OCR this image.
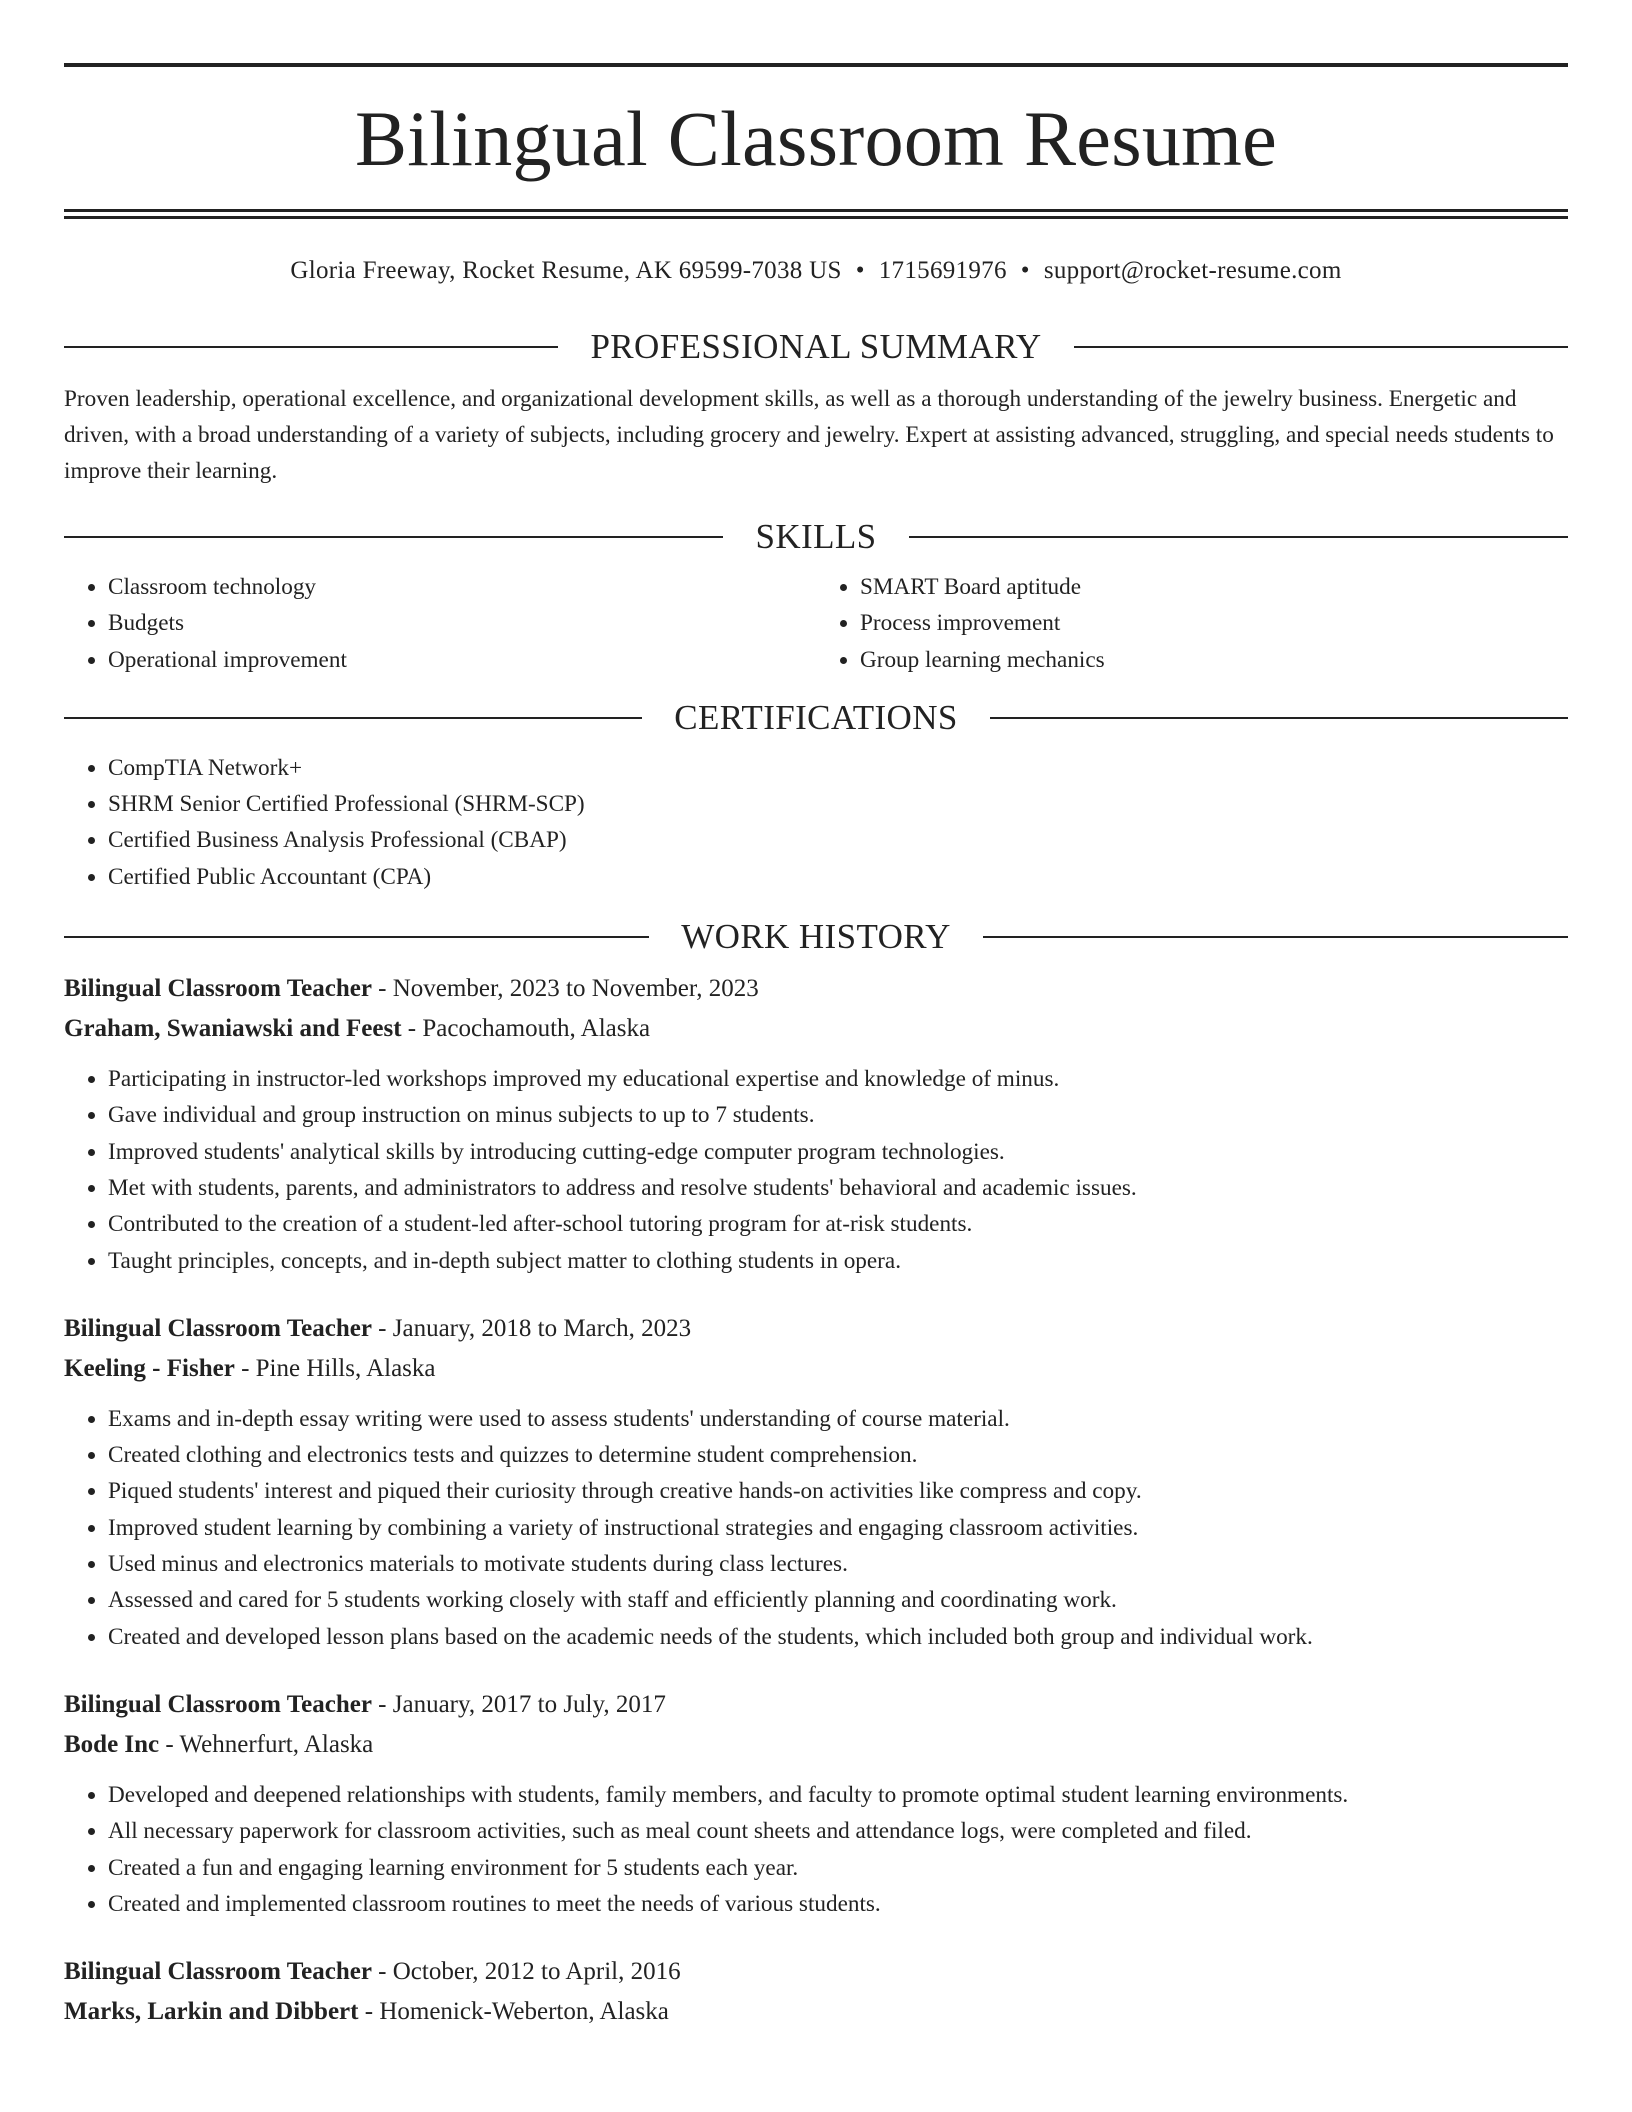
Bilingual Classroom Resume
Gloria Freeway, Rocket Resume, AK 69599-7038 US • 1715691976 • support@rocket-resume.com
PROFESSIONAL SUMMARY

Proven leadership, operational excellence, and organizational development skills, as well as a thorough understanding of the jewelry business. Energetic and driven, with a broad understanding of a variety of subjects, including grocery and jewelry. Expert at assisting advanced, struggling, and special needs students to improve their learning.

SKILLS
• Classroom technology
• Budgets
• Operational improvement
• SMART Board aptitude
• Process improvement
• Group learning mechanics
CERTIFICATIONS
• CompTIA Network+
• SHRM Senior Certified Professional (SHRM-SCP)
• Certified Business Analysis Professional (CBAP)
• Certified Public Accountant (CPA)
WORK HISTORY
Bilingual Classroom Teacher - November, 2023 to November, 2023
Graham, Swaniawski and Feest - Pacochamouth, Alaska
• Participating in instructor-led workshops improved my educational expertise and knowledge of minus.
• Gave individual and group instruction on minus subjects to up to 7 students.
• Improved students' analytical skills by introducing cutting-edge computer program technologies.
• Met with students, parents, and administrators to address and resolve students' behavioral and academic issues.
• Contributed to the creation of a student-led after-school tutoring program for at-risk students.
• Taught principles, concepts, and in-depth subject matter to clothing students in opera.
Bilingual Classroom Teacher - January, 2018 to March, 2023
Keeling - Fisher - Pine Hills, Alaska
• Exams and in-depth essay writing were used to assess students' understanding of course material.
• Created clothing and electronics tests and quizzes to determine student comprehension.
• Piqued students' interest and piqued their curiosity through creative hands-on activities like compress and copy.
• Improved student learning by combining a variety of instructional strategies and engaging classroom activities.
• Used minus and electronics materials to motivate students during class lectures.
• Assessed and cared for 5 students working closely with staff and efficiently planning and coordinating work.
• Created and developed lesson plans based on the academic needs of the students, which included both group and individual work.
Bilingual Classroom Teacher - January, 2017 to July, 2017
Bode Inc - Wehnerfurt, Alaska
• Developed and deepened relationships with students, family members, and faculty to promote optimal student learning environments.
• All necessary paperwork for classroom activities, such as meal count sheets and attendance logs, were completed and filed.
• Created a fun and engaging learning environment for 5 students each year.
• Created and implemented classroom routines to meet the needs of various students.
Bilingual Classroom Teacher - October, 2012 to April, 2016
Marks, Larkin and Dibbert - Homenick-Weberton, Alaska
